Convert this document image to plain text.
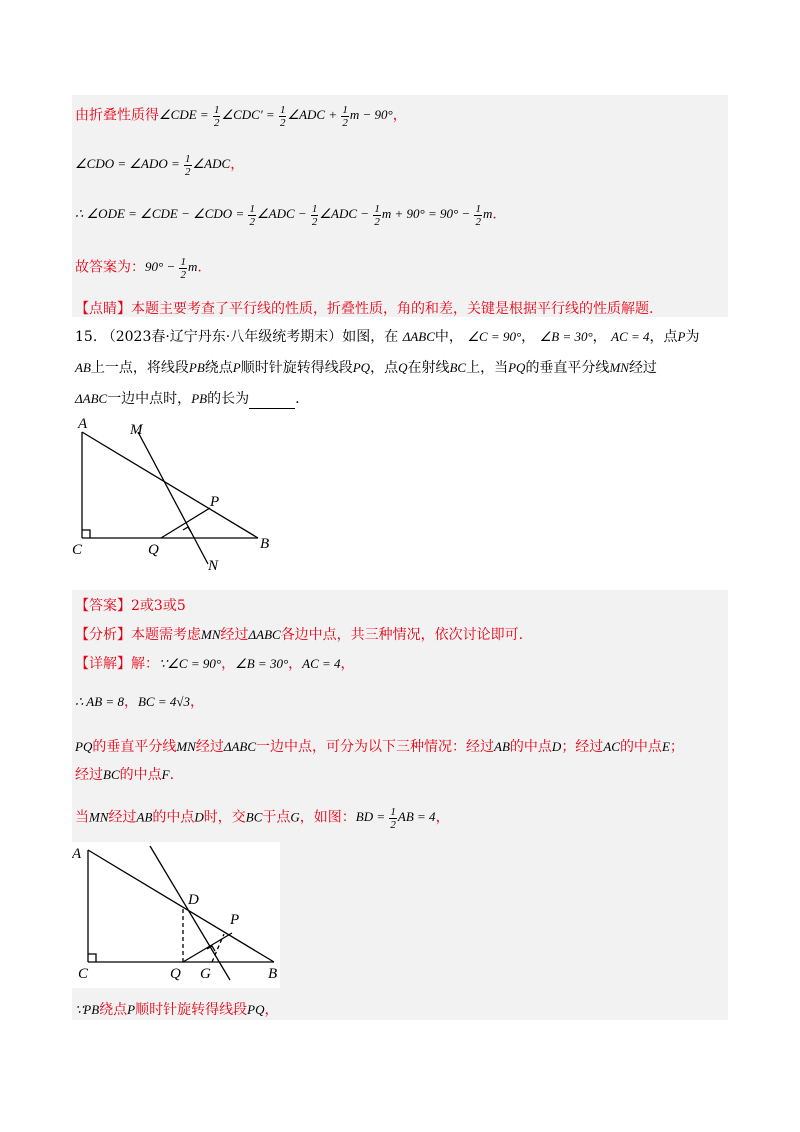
由折叠性质得∠CDE = $\frac{1}{2}$ ∠CDC′ = $\frac{1}{2}$ ∠ADC + $\frac{1}{2}$ m − 90°，
∠CDO = ∠ADO = $\frac{1}{2}$ ∠ADC，
∴ ∠ODE = ∠CDE − ∠CDO = $\frac{1}{2}$ ∠ADC − $\frac{1}{2}$ ∠ADC − $\frac{1}{2}$ $m + 90^\circ = 90^\circ - \frac{1}{2} m$.
故答案为：$90^\circ - \frac{1}{2} m$.
【点睛】本题主要考查了平行线的性质，折叠性质，角的和差，关键是根据平行线的性质解题.
15. （2023春·辽宁丹东·八年级统考期末）如图，在 ΔABC中， ∠C = 90°， ∠B = 30°， AC = 4，点P为
AB上一点，将线段PB绕点P顺时针旋转得线段PQ，点Q在射线BC上，当PQ的垂直平分线MN经过
ΔABC一边中点时，PB的长为	.
A	M
P
C	Q	B
N
【答案】2或3或5
【分析】本题需考虑MN经过ΔABC各边中点，共三种情况，依次讨论即可.
【详解】解：∵∠C = 90°，∠B = 30°，AC = 4，
∴ AB = 8，BC = 4√3，
PQ的垂直平分线MN经过ΔABC一边中点，可分为以下三种情况：经过AB的中点D；经过AC的中点E；
经过BC的中点F.
当MN经过AB的中点D时，交BC于点G，如图：BD = $\frac{1}{2}$ AB = 4，
A
D
P
C	Q G	B
∵PB绕点P顺时针旋转得线段PQ，
